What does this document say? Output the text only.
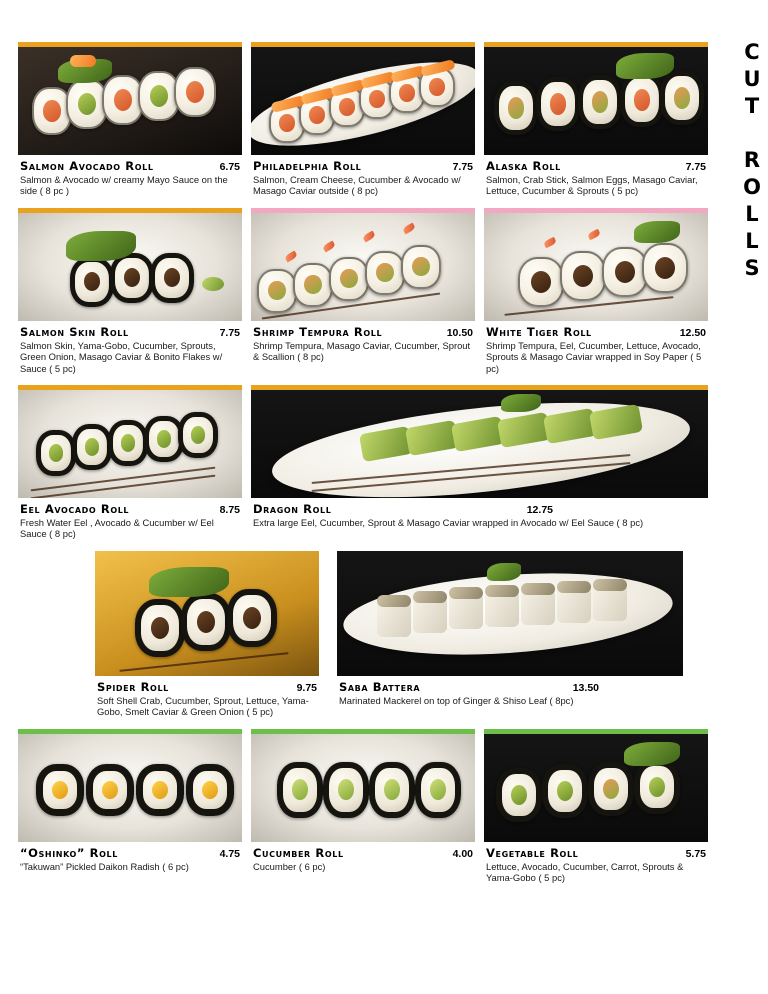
CUT ROLLS
Salmon Avocado Roll	6.75
Salmon & Avocado w/ creamy Mayo Sauce on the side ( 8 pc )
Philadelphia Roll	7.75
Salmon, Cream Cheese, Cucumber & Avocado w/ Masago Caviar outside ( 8 pc)
Alaska Roll	7.75
Salmon, Crab Stick, Salmon Eggs, Masago Caviar, Lettuce, Cucumber & Sprouts ( 5 pc)
Salmon Skin Roll	7.75
Salmon Skin, Yama-Gobo, Cucumber, Sprouts, Green Onion, Masago Caviar & Bonito Flakes w/ Sauce ( 5 pc)
Shrimp Tempura Roll	10.50
Shrimp Tempura, Masago Caviar, Cucumber, Sprout & Scallion ( 8 pc)
White Tiger Roll	12.50
Shrimp Tempura, Eel, Cucumber, Lettuce, Avocado, Sprouts & Masago Caviar wrapped in Soy Paper ( 5 pc)
Eel Avocado Roll	8.75
Fresh Water Eel , Avocado & Cucumber w/ Eel Sauce ( 8 pc)
Dragon Roll	12.75
Extra large Eel, Cucumber, Sprout & Masago Caviar wrapped in Avocado w/ Eel Sauce ( 8 pc)
Spider Roll	9.75
Soft Shell Crab, Cucumber, Sprout, Lettuce, Yama-Gobo, Smelt Caviar & Green Onion ( 5 pc)
Saba Battera	13.50
Marinated Mackerel on top of Ginger & Shiso Leaf ( 8pc)
“Oshinko” Roll	4.75
“Takuwan” Pickled Daikon Radish ( 6 pc)
Cucumber Roll	4.00
Cucumber ( 6 pc)
Vegetable Roll	5.75
Lettuce, Avocado, Cucumber, Carrot, Sprouts & Yama-Gobo ( 5 pc)
menupix
